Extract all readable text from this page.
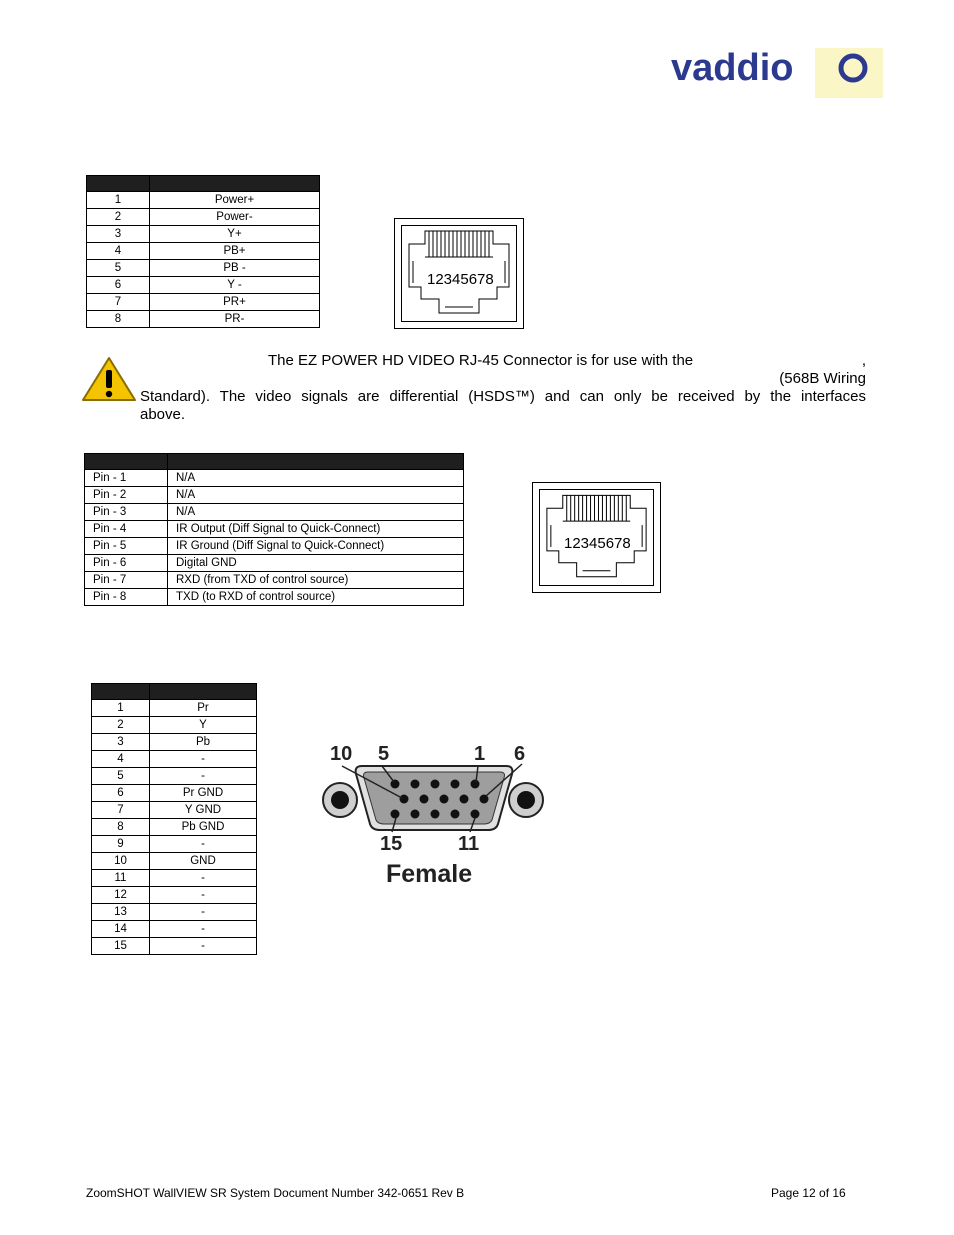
vaddio

1	Power+
2	Power-
3	Y+
4	PB+
5	PB -
6	Y -
7	PR+
8	PR-
12345678
The EZ POWER HD VIDEO RJ-45 Connector is for use with the	,
(568B Wiring
Standard). The video signals are differential (HSDS™) and can only be received by the interfaces
above.

Pin - 1	N/A
Pin - 2	N/A
Pin - 3	N/A
Pin - 4	IR Output (Diff Signal to Quick-Connect)
Pin - 5	IR Ground (Diff Signal to Quick-Connect)
Pin - 6	Digital GND
Pin - 7	RXD (from TXD of control source)
Pin - 8	TXD (to RXD of control source)
12345678

1	Pr
2	Y
3	Pb
4	-
5	-
6	Pr GND
7	Y GND
8	Pb GND
9	-
10	GND
11	-
12	-
13	-
14	-
15	-
10 5	1 6
15	11
Female
ZoomSHOT WallVIEW SR System Document Number 342-0651 Rev B	Page 12 of 16
